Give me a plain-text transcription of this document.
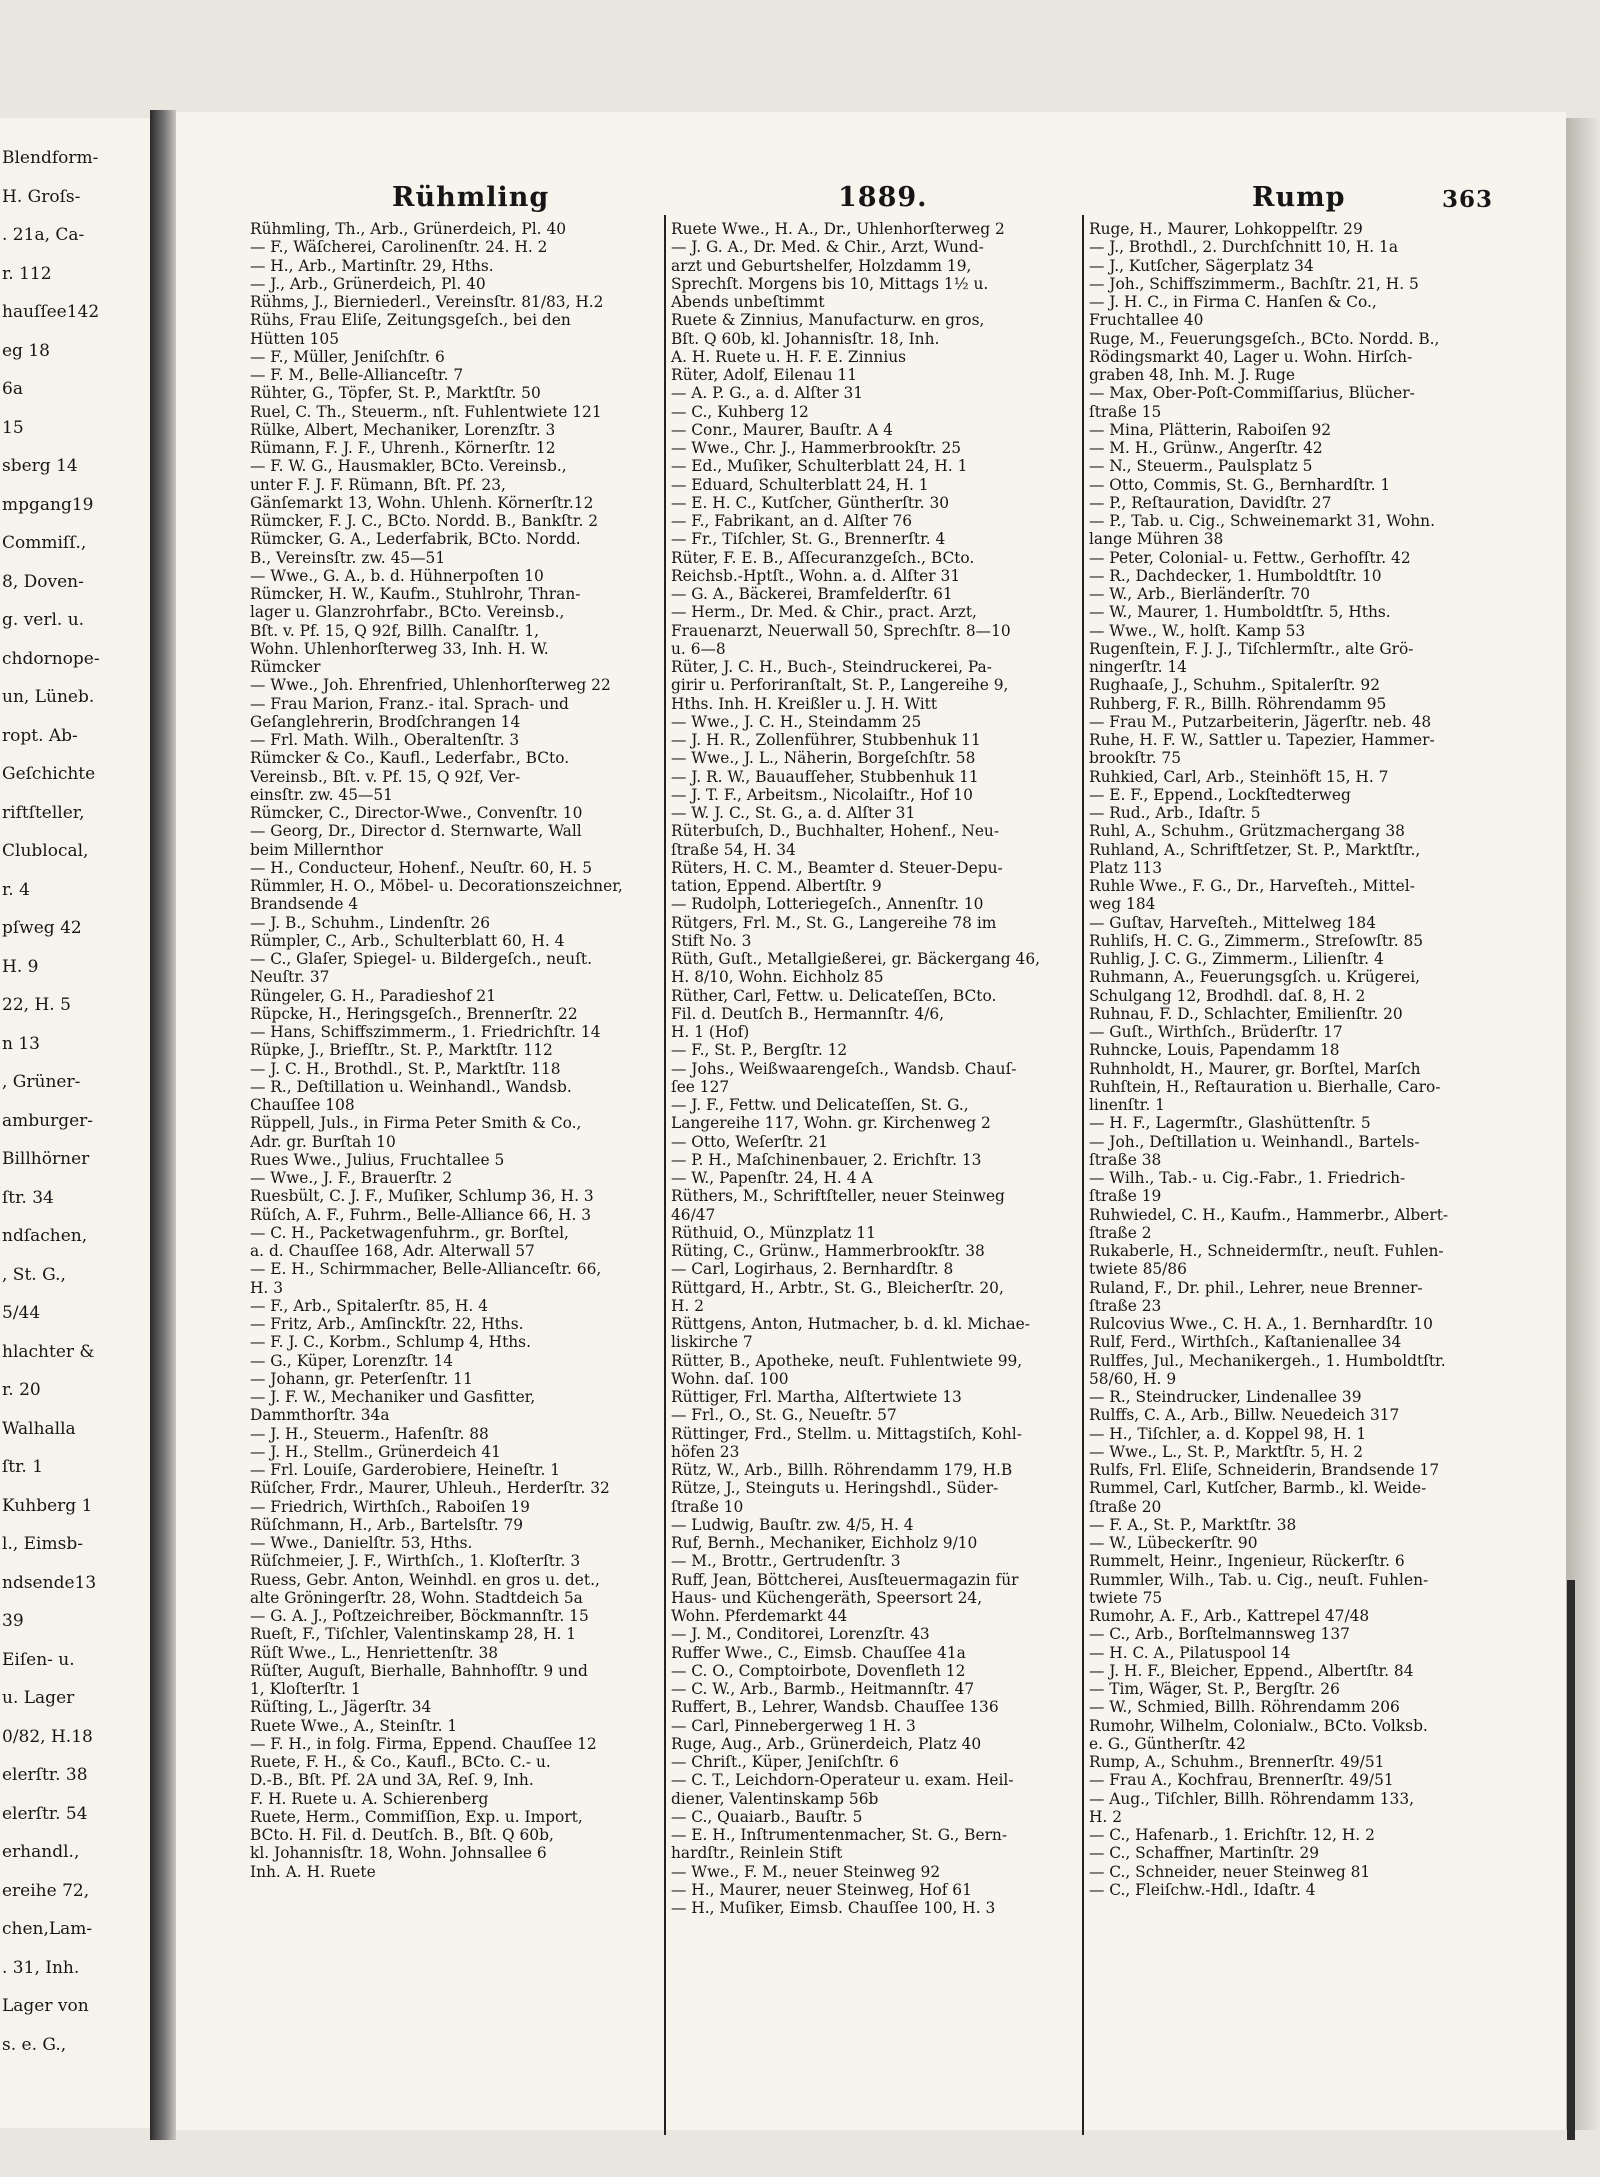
Blendform-
H. Groſs-
. 21a, Ca-
r. 112
hauſſee142
eg 18
6a
15
sberg 14
mpgang19
Commiſſ.,
8, Doven-
g. verl. u.
chdornope-
un, Lüneb.
ropt. Ab-
Geſchichte
riftſteller,
Clublocal,
r. 4
pſweg 42
H. 9
22, H. 5
n 13
, Grüner-
amburger-
Billhörner
ſtr. 34
ndſachen,
, St. G.,
5/44
hlachter &
r. 20
Walhalla
ſtr. 1
Kuhberg 1
l., Eimsb-
ndsende13
39
Eiſen- u.
u. Lager
0/82, H.18
elerſtr. 38
elerſtr. 54
erhandl.,
ereihe 72,
chen,Lam-
. 31, Inh.
Lager von
s. e. G.,
Rühmling	1889.	Rump	363
Rühmling, Th., Arb., Grünerdeich, Pl. 40
— F., Wäſcherei, Carolinenſtr. 24. H. 2
— H., Arb., Martinſtr. 29, Hths.
— J., Arb., Grünerdeich, Pl. 40
Rühms, J., Bierniederl., Vereinsſtr. 81/83, H.2
Rühs, Frau Eliſe, Zeitungsgeſch., bei den
Hütten 105
— F., Müller, Jeniſchſtr. 6
— F. M., Belle-Allianceſtr. 7
Rühter, G., Töpfer, St. P., Marktſtr. 50
Ruel, C. Th., Steuerm., nſt. Fuhlentwiete 121
Rülke, Albert, Mechaniker, Lorenzſtr. 3
Rümann, F. J. F., Uhrenh., Körnerſtr. 12
— F. W. G., Hausmakler, BCto. Vereinsb.,
unter F. J. F. Rümann, Bſt. Pf. 23,
Gänſemarkt 13, Wohn. Uhlenh. Körnerſtr.12
Rümcker, F. J. C., BCto. Nordd. B., Bankſtr. 2
Rümcker, G. A., Lederfabrik, BCto. Nordd.
B., Vereinsſtr. zw. 45—51
— Wwe., G. A., b. d. Hühnerpoſten 10
Rümcker, H. W., Kaufm., Stuhlrohr, Thran-
lager u. Glanzrohrfabr., BCto. Vereinsb.,
Bſt. v. Pf. 15, Q 92f, Billh. Canalſtr. 1,
Wohn. Uhlenhorſterweg 33, Inh. H. W.
Rümcker
— Wwe., Joh. Ehrenfried, Uhlenhorſterweg 22
— Frau Marion, Franz.- ital. Sprach- und
Geſanglehrerin, Brodſchrangen 14
— Frl. Math. Wilh., Oberaltenſtr. 3
Rümcker & Co., Kaufl., Lederfabr., BCto.
Vereinsb., Bſt. v. Pf. 15, Q 92f, Ver-
einsſtr. zw. 45—51
Rümcker, C., Director-Wwe., Convenſtr. 10
— Georg, Dr., Director d. Sternwarte, Wall
beim Millernthor
— H., Conducteur, Hohenf., Neuſtr. 60, H. 5
Rümmler, H. O., Möbel- u. Decorationszeichner,
Brandsende 4
— J. B., Schuhm., Lindenſtr. 26
Rümpler, C., Arb., Schulterblatt 60, H. 4
— C., Glaſer, Spiegel- u. Bildergeſch., neuſt.
Neuſtr. 37
Rüngeler, G. H., Paradieshof 21
Rüpcke, H., Heringsgeſch., Brennerſtr. 22
— Hans, Schiffszimmerm., 1. Friedrichſtr. 14
Rüpke, J., Briefſtr., St. P., Marktſtr. 112
— J. C. H., Brothdl., St. P., Marktſtr. 118
— R., Deſtillation u. Weinhandl., Wandsb.
Chauſſee 108
Rüppell, Juls., in Firma Peter Smith & Co.,
Adr. gr. Burſtah 10
Rues Wwe., Julius, Fruchtallee 5
— Wwe., J. F., Brauerſtr. 2
Ruesbült, C. J. F., Muſiker, Schlump 36, H. 3
Rüſch, A. F., Fuhrm., Belle-Alliance 66, H. 3
— C. H., Packetwagenfuhrm., gr. Borſtel,
a. d. Chauſſee 168, Adr. Alterwall 57
— E. H., Schirmmacher, Belle-Allianceſtr. 66,
H. 3
— F., Arb., Spitalerſtr. 85, H. 4
— Fritz, Arb., Amſinckſtr. 22, Hths.
— F. J. C., Korbm., Schlump 4, Hths.
— G., Küper, Lorenzſtr. 14
— Johann, gr. Peterſenſtr. 11
— J. F. W., Mechaniker und Gasfitter,
Dammthorſtr. 34a
— J. H., Steuerm., Hafenſtr. 88
— J. H., Stellm., Grünerdeich 41
— Frl. Louiſe, Garderobiere, Heineſtr. 1
Rüſcher, Frdr., Maurer, Uhleuh., Herderſtr. 32
— Friedrich, Wirthſch., Raboiſen 19
Rüſchmann, H., Arb., Bartelsſtr. 79
— Wwe., Danielſtr. 53, Hths.
Rüſchmeier, J. F., Wirthſch., 1. Kloſterſtr. 3
Ruess, Gebr. Anton, Weinhdl. en gros u. det.,
alte Gröningerſtr. 28, Wohn. Stadtdeich 5a
— G. A. J., Poſtzeichreiber, Böckmannſtr. 15
Rueſt, F., Tiſchler, Valentinskamp 28, H. 1
Rüſt Wwe., L., Henriettenſtr. 38
Rüſter, Auguſt, Bierhalle, Bahnhofſtr. 9 und
1, Kloſterſtr. 1
Rüſting, L., Jägerſtr. 34
Ruete Wwe., A., Steinſtr. 1
— F. H., in folg. Firma, Eppend. Chauſſee 12
Ruete, F. H., & Co., Kaufl., BCto. C.- u.
D.-B., Bſt. Pf. 2A und 3A, Reſ. 9, Inh.
F. H. Ruete u. A. Schierenberg
Ruete, Herm., Commiſſion, Exp. u. Import,
BCto. H. Fil. d. Deutſch. B., Bſt. Q 60b,
kl. Johannisſtr. 18, Wohn. Johnsallee 6
Inh. A. H. Ruete
Ruete Wwe., H. A., Dr., Uhlenhorſterweg 2
— J. G. A., Dr. Med. & Chir., Arzt, Wund-
arzt und Geburtshelfer, Holzdamm 19,
Sprechſt. Morgens bis 10, Mittags 1½ u.
Abends unbeſtimmt
Ruete & Zinnius, Manufacturw. en gros,
Bſt. Q 60b, kl. Johannisſtr. 18, Inh.
A. H. Ruete u. H. F. E. Zinnius
Rüter, Adolf, Eilenau 11
— A. P. G., a. d. Alſter 31
— C., Kuhberg 12
— Conr., Maurer, Bauſtr. A 4
— Wwe., Chr. J., Hammerbrookſtr. 25
— Ed., Muſiker, Schulterblatt 24, H. 1
— Eduard, Schulterblatt 24, H. 1
— E. H. C., Kutſcher, Güntherſtr. 30
— F., Fabrikant, an d. Alſter 76
— Fr., Tiſchler, St. G., Brennerſtr. 4
Rüter, F. E. B., Aſſecuranzgeſch., BCto.
Reichsb.-Hptſt., Wohn. a. d. Alſter 31
— G. A., Bäckerei, Bramfelderſtr. 61
— Herm., Dr. Med. & Chir., pract. Arzt,
Frauenarzt, Neuerwall 50, Sprechſtr. 8—10
u. 6—8
Rüter, J. C. H., Buch-, Steindruckerei, Pa-
girir u. Perforiranſtalt, St. P., Langereihe 9,
Hths. Inh. H. Kreißler u. J. H. Witt
— Wwe., J. C. H., Steindamm 25
— J. H. R., Zollenführer, Stubbenhuk 11
— Wwe., J. L., Näherin, Borgeſchſtr. 58
— J. R. W., Bauaufſeher, Stubbenhuk 11
— J. T. F., Arbeitsm., Nicolaiſtr., Hof 10
— W. J. C., St. G., a. d. Alſter 31
Rüterbuſch, D., Buchhalter, Hohenf., Neu-
ſtraße 54, H. 34
Rüters, H. C. M., Beamter d. Steuer-Depu-
tation, Eppend. Albertſtr. 9
— Rudolph, Lotteriegeſch., Annenſtr. 10
Rütgers, Frl. M., St. G., Langereihe 78 im
Stift No. 3
Rüth, Guſt., Metallgießerei, gr. Bäckergang 46,
H. 8/10, Wohn. Eichholz 85
Rüther, Carl, Fettw. u. Delicateſſen, BCto.
Fil. d. Deutſch B., Hermannſtr. 4/6,
H. 1 (Hof)
— F., St. P., Bergſtr. 12
— Johs., Weißwaarengeſch., Wandsb. Chauſ-
ſee 127
— J. F., Fettw. und Delicateſſen, St. G.,
Langereihe 117, Wohn. gr. Kirchenweg 2
— Otto, Weſerſtr. 21
— P. H., Maſchinenbauer, 2. Erichſtr. 13
— W., Papenſtr. 24, H. 4 A
Rüthers, M., Schriftſteller, neuer Steinweg
46/47
Rüthuid, O., Münzplatz 11
Rüting, C., Grünw., Hammerbrookſtr. 38
— Carl, Logirhaus, 2. Bernhardſtr. 8
Rüttgard, H., Arbtr., St. G., Bleicherſtr. 20,
H. 2
Rüttgens, Anton, Hutmacher, b. d. kl. Michae-
liskirche 7
Rütter, B., Apotheke, neuſt. Fuhlentwiete 99,
Wohn. daſ. 100
Rüttiger, Frl. Martha, Alſtertwiete 13
— Frl., O., St. G., Neueſtr. 57
Rüttinger, Frd., Stellm. u. Mittagstiſch, Kohl-
höfen 23
Rütz, W., Arb., Billh. Röhrendamm 179, H.B
Rütze, J., Steinguts u. Heringshdl., Süder-
ſtraße 10
— Ludwig, Bauſtr. zw. 4/5, H. 4
Ruf, Bernh., Mechaniker, Eichholz 9/10
— M., Brottr., Gertrudenſtr. 3
Ruff, Jean, Böttcherei, Ausſteuermagazin für
Haus- und Küchengeräth, Speersort 24,
Wohn. Pferdemarkt 44
— J. M., Conditorei, Lorenzſtr. 43
Ruffer Wwe., C., Eimsb. Chauſſee 41a
— C. O., Comptoirbote, Dovenfleth 12
— C. W., Arb., Barmb., Heitmannſtr. 47
Ruffert, B., Lehrer, Wandsb. Chauſſee 136
— Carl, Pinnebergerweg 1 H. 3
Ruge, Aug., Arb., Grünerdeich, Platz 40
— Chriſt., Küper, Jeniſchſtr. 6
— C. T., Leichdorn-Operateur u. exam. Heil-
diener, Valentinskamp 56b
— C., Quaiarb., Bauſtr. 5
— E. H., Inſtrumentenmacher, St. G., Bern-
hardſtr., Reinlein Stift
— Wwe., F. M., neuer Steinweg 92
— H., Maurer, neuer Steinweg, Hof 61
— H., Muſiker, Eimsb. Chauſſee 100, H. 3
Ruge, H., Maurer, Lohkoppelſtr. 29
— J., Brothdl., 2. Durchſchnitt 10, H. 1a
— J., Kutſcher, Sägerplatz 34
— Joh., Schiffszimmerm., Bachſtr. 21, H. 5
— J. H. C., in Firma C. Hanſen & Co.,
Fruchtallee 40
Ruge, M., Feuerungsgeſch., BCto. Nordd. B.,
Rödingsmarkt 40, Lager u. Wohn. Hirſch-
graben 48, Inh. M. J. Ruge
— Max, Ober-Poſt-Commiſſarius, Blücher-
ſtraße 15
— Mina, Plätterin, Raboiſen 92
— M. H., Grünw., Angerſtr. 42
— N., Steuerm., Paulsplatz 5
— Otto, Commis, St. G., Bernhardſtr. 1
— P., Reſtauration, Davidſtr. 27
— P., Tab. u. Cig., Schweinemarkt 31, Wohn.
lange Mühren 38
— Peter, Colonial- u. Fettw., Gerhofſtr. 42
— R., Dachdecker, 1. Humboldtſtr. 10
— W., Arb., Bierländerſtr. 70
— W., Maurer, 1. Humboldtſtr. 5, Hths.
— Wwe., W., holſt. Kamp 53
Rugenſtein, F. J. J., Tiſchlermſtr., alte Grö-
ningerſtr. 14
Rughaaſe, J., Schuhm., Spitalerſtr. 92
Ruhberg, F. R., Billh. Röhrendamm 95
— Frau M., Putzarbeiterin, Jägerſtr. neb. 48
Ruhe, H. F. W., Sattler u. Tapezier, Hammer-
brookſtr. 75
Ruhkied, Carl, Arb., Steinhöft 15, H. 7
— E. F., Eppend., Lockſtedterweg
— Rud., Arb., Idaſtr. 5
Ruhl, A., Schuhm., Grützmachergang 38
Ruhland, A., Schriftſetzer, St. P., Marktſtr.,
Platz 113
Ruhle Wwe., F. G., Dr., Harveſteh., Mittel-
weg 184
— Guſtav, Harveſteh., Mittelweg 184
Ruhliſs, H. C. G., Zimmerm., Streſowſtr. 85
Ruhlig, J. C. G., Zimmerm., Lilienſtr. 4
Ruhmann, A., Feuerungsgſch. u. Krügerei,
Schulgang 12, Brodhdl. daſ. 8, H. 2
Ruhnau, F. D., Schlachter, Emilienſtr. 20
— Guſt., Wirthſch., Brüderſtr. 17
Ruhncke, Louis, Papendamm 18
Ruhnholdt, H., Maurer, gr. Borſtel, Marſch
Ruhſtein, H., Reſtauration u. Bierhalle, Caro-
linenſtr. 1
— H. F., Lagermſtr., Glashüttenſtr. 5
— Joh., Deſtillation u. Weinhandl., Bartels-
ſtraße 38
— Wilh., Tab.- u. Cig.-Fabr., 1. Friedrich-
ſtraße 19
Ruhwiedel, C. H., Kaufm., Hammerbr., Albert-
ſtraße 2
Rukaberle, H., Schneidermſtr., neuſt. Fuhlen-
twiete 85/86
Ruland, F., Dr. phil., Lehrer, neue Brenner-
ſtraße 23
Rulcovius Wwe., C. H. A., 1. Bernhardſtr. 10
Rulf, Ferd., Wirthſch., Kaſtanienallee 34
Rulffes, Jul., Mechanikergeh., 1. Humboldtſtr.
58/60, H. 9
— R., Steindrucker, Lindenallee 39
Rulffs, C. A., Arb., Billw. Neuedeich 317
— H., Tiſchler, a. d. Koppel 98, H. 1
— Wwe., L., St. P., Marktſtr. 5, H. 2
Rulfs, Frl. Eliſe, Schneiderin, Brandsende 17
Rummel, Carl, Kutſcher, Barmb., kl. Weide-
ſtraße 20
— F. A., St. P., Marktſtr. 38
— W., Lübeckerſtr. 90
Rummelt, Heinr., Ingenieur, Rückerſtr. 6
Rummler, Wilh., Tab. u. Cig., neuſt. Fuhlen-
twiete 75
Rumohr, A. F., Arb., Kattrepel 47/48
— C., Arb., Borſtelmannsweg 137
— H. C. A., Pilatuspool 14
— J. H. F., Bleicher, Eppend., Albertſtr. 84
— Tim, Wäger, St. P., Bergſtr. 26
— W., Schmied, Billh. Röhrendamm 206
Rumohr, Wilhelm, Colonialw., BCto. Volksb.
e. G., Güntherſtr. 42
Rump, A., Schuhm., Brennerſtr. 49/51
— Frau A., Kochfrau, Brennerſtr. 49/51
— Aug., Tiſchler, Billh. Röhrendamm 133,
H. 2
— C., Hafenarb., 1. Erichſtr. 12, H. 2
— C., Schaffner, Martinſtr. 29
— C., Schneider, neuer Steinweg 81
— C., Fleiſchw.-Hdl., Idaſtr. 4
